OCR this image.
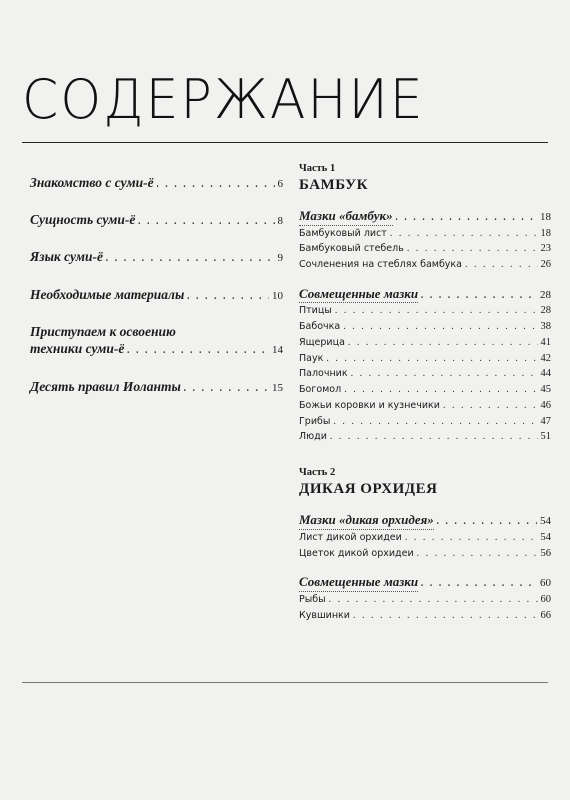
СОДЕРЖАНИЕ
Знакомство с суми-ё . . .	6
Сущность суми-ё . . .	8
Язык суми-ё . . .	9
Необходимые материалы . . .	10
Приступаем к освоению
техники суми-ё . . .	14
Десять правил Иоланты . . .	15
Часть 1
БАМБУК
Мазки «бамбук» . . .	18
Бамбуковый лист . . .	18
Бамбуковый стебель . . .	23
Сочленения на стеблях бамбука . . .	26
Совмещенные мазки . . .	28
Птицы . . .	28
Бабочка . . .	38
Ящерица . . .	41
Паук . . .	42
Палочник . . .	44
Богомол . . .	45
Божьи коровки и кузнечики . . .	46
Грибы . . .	47
Люди . . .	51
Часть 2
ДИКАЯ ОРХИДЕЯ
Мазки «дикая орхидея» . . .	54
Лист дикой орхидеи . . .	54
Цветок дикой орхидеи . . .	56
Совмещенные мазки . . .	60
Рыбы . . .	60
Кувшинки . . .	66
